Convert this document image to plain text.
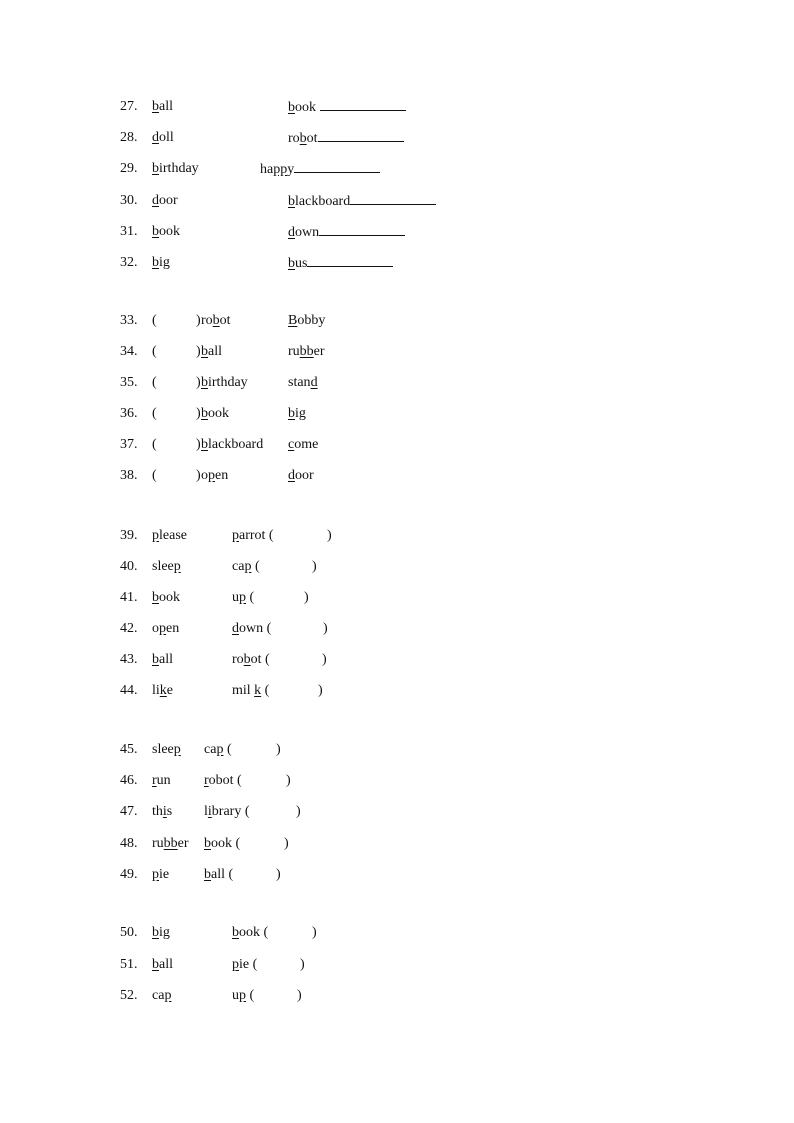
27. ball	book
28. doll	robot
29. birthday	happy
30. door	blackboard
31. book	down
32. big	bus
33. (	) robot	Bobby
34. (	) ball	rubber
35. (	) birthday	stand
36. (	) book	big
37. (	) blackboard come
38. (	) open	door
39. please	parrot (	)
40. sleep	cap (	)
41. book	up (	)
42. open	down (	)
43. ball	robot (	)
44. like	mil k (	)
45. sleep cap (	)
46. run robot (	)
47. this library (	)
48. rubber book (	)
49. pie ball (	)
50. big	book (	)
51. ball	pie (	)
52. cap	up (	)
